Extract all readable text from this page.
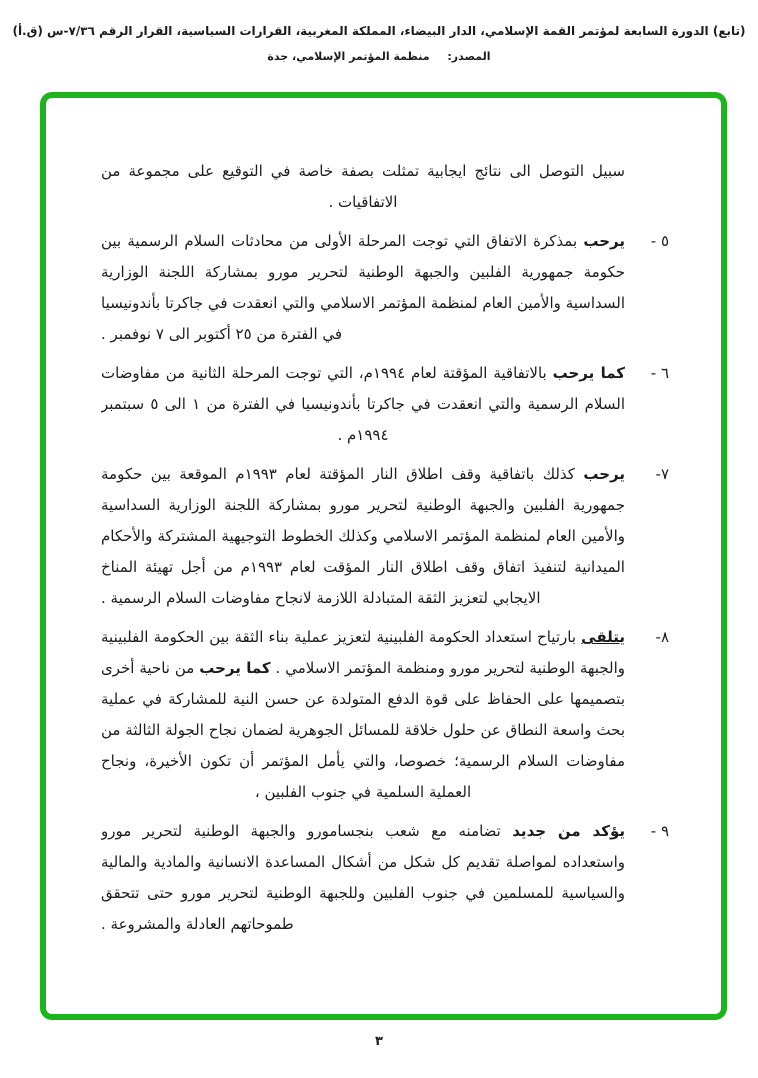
(تابع) الدورة السابعة لمؤتمر القمة الإسلامي، الدار البيضاء، المملكة المغربية، القرارات السياسية، القرار الرقم ٧/٣٦-س (ق.أ)
المصدر: منظمة المؤتمر الإسلامي، جدة
سبيل التوصل الى نتائج ايجابية تمثلت بصفة خاصة في التوقيع على مجموعة من الاتفاقيات .
٥ -
يرحب بمذكرة الاتفاق التي توجت المرحلة الأولى من محادثات السلام الرسمية بين حكومة جمهورية الفلبين والجبهة الوطنية لتحرير مورو بمشاركة اللجنة الوزارية السداسية والأمين العام لمنظمة المؤتمر الاسلامي والتي انعقدت في جاكرتا بأندونيسيا في الفترة من ٢٥ أكتوبر الى ٧ نوفمبر .
٦ -
كما يرحب بالاتفاقية المؤقتة لعام ١٩٩٤م، التي توجت المرحلة الثانية من مفاوضات السلام الرسمية والتي انعقدت في جاكرتا بأندونيسيا في الفترة من ١ الى ٥ سبتمبر ١٩٩٤م .
٧-
يرحب كذلك باتفاقية وقف اطلاق النار المؤقتة لعام ١٩٩٣م الموقعة بين حكومة جمهورية الفلبين والجبهة الوطنية لتحرير مورو بمشاركة اللجنة الوزارية السداسية والأمين العام لمنظمة المؤتمر الاسلامي وكذلك الخطوط التوجيهية المشتركة والأحكام الميدانية لتنفيذ اتفاق وقف اطلاق النار المؤقت لعام ١٩٩٣م من أجل تهيئة المناخ الايجابي لتعزيز الثقة المتبادلة اللازمة لانجاح مفاوضات السلام الرسمية .
٨-
يتلقى بارتياح استعداد الحكومة الفلبينية لتعزيز عملية بناء الثقة بين الحكومة الفلبينية والجبهة الوطنية لتحرير مورو ومنظمة المؤتمر الاسلامي . كما يرحب من ناحية أخرى بتصميمها على الحفاظ على قوة الدفع المتولدة عن حسن النية للمشاركة في عملية بحث واسعة النطاق عن حلول خلاقة للمسائل الجوهرية لضمان نجاح الجولة الثالثة من مفاوضات السلام الرسمية؛ خصوصا، والتي يأمل المؤتمر أن تكون الأخيرة، ونجاح العملية السلمية في جنوب الفلبين ،
٩ -
يؤكد من جديد تضامنه مع شعب بنجسامورو والجبهة الوطنية لتحرير مورو واستعداده لمواصلة تقديم كل شكل من أشكال المساعدة الانسانية والمادية والمالية والسياسية للمسلمين في جنوب الفلبين وللجبهة الوطنية لتحرير مورو حتى تتحقق طموحاتهم العادلة والمشروعة .
٣
